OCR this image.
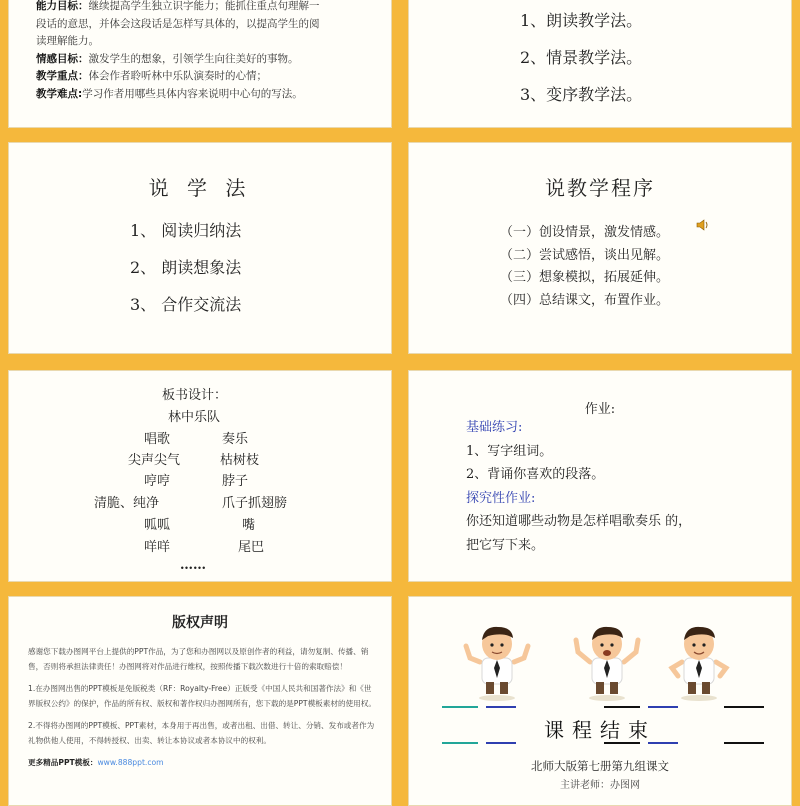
能力目标：继续提高学生独立识字能力；能抓住重点句理解一
段话的意思，并体会这段话是怎样写具体的，以提高学生的阅
读理解能力。
情感目标：激发学生的想象，引领学生向往美好的事物。
教学重点：体会作者聆听林中乐队演奏时的心情；
教学难点:学习作者用哪些具体内容来说明中心句的写法。
1、朗读教学法。
2、情景教学法。
3、变序教学法。
说 学 法
1、 阅读归纳法
2、 朗读想象法
3、 合作交流法
说教学程序
（一）创设情景，激发情感。
（二）尝试感悟，谈出见解。
（三）想象模拟，拓展延伸。
（四）总结课文，布置作业。
板书设计：
林中乐队
唱歌	奏乐
尖声尖气	枯树枝
哼哼	脖子
清脆、纯净	爪子抓翅膀
呱呱	嘴
咩咩	尾巴
……
作业:
基础练习:
1、写字组词。
2、背诵你喜欢的段落。
探究性作业:
你还知道哪些动物是怎样唱歌奏乐 的，
把它写下来。
版权声明

感谢您下载办图网平台上提供的PPT作品，为了您和办图网以及原创作者的利益，请勿复制、传播、销售，否则将承担法律责任！办图网将对作品进行维权，按照传播下载次数进行十倍的索取赔偿！

1.在办图网出售的PPT模板是免版税类（RF：Royalty-Free）正版受《中国人民共和国著作法》和《世界版权公约》的保护，作品的所有权、版权和著作权归办图网所有，您下载的是PPT模板素材的使用权。

2.不得将办图网的PPT模板、PPT素材，本身用于再出售，或者出租、出借、转让、分销、发布或者作为礼物供他人使用，不得转授权、出卖、转让本协议或者本协议中的权利。

更多精品PPT模板：www.888ppt.com

课程结束
北师大版第七册第九组课文
主讲老师：办图网
